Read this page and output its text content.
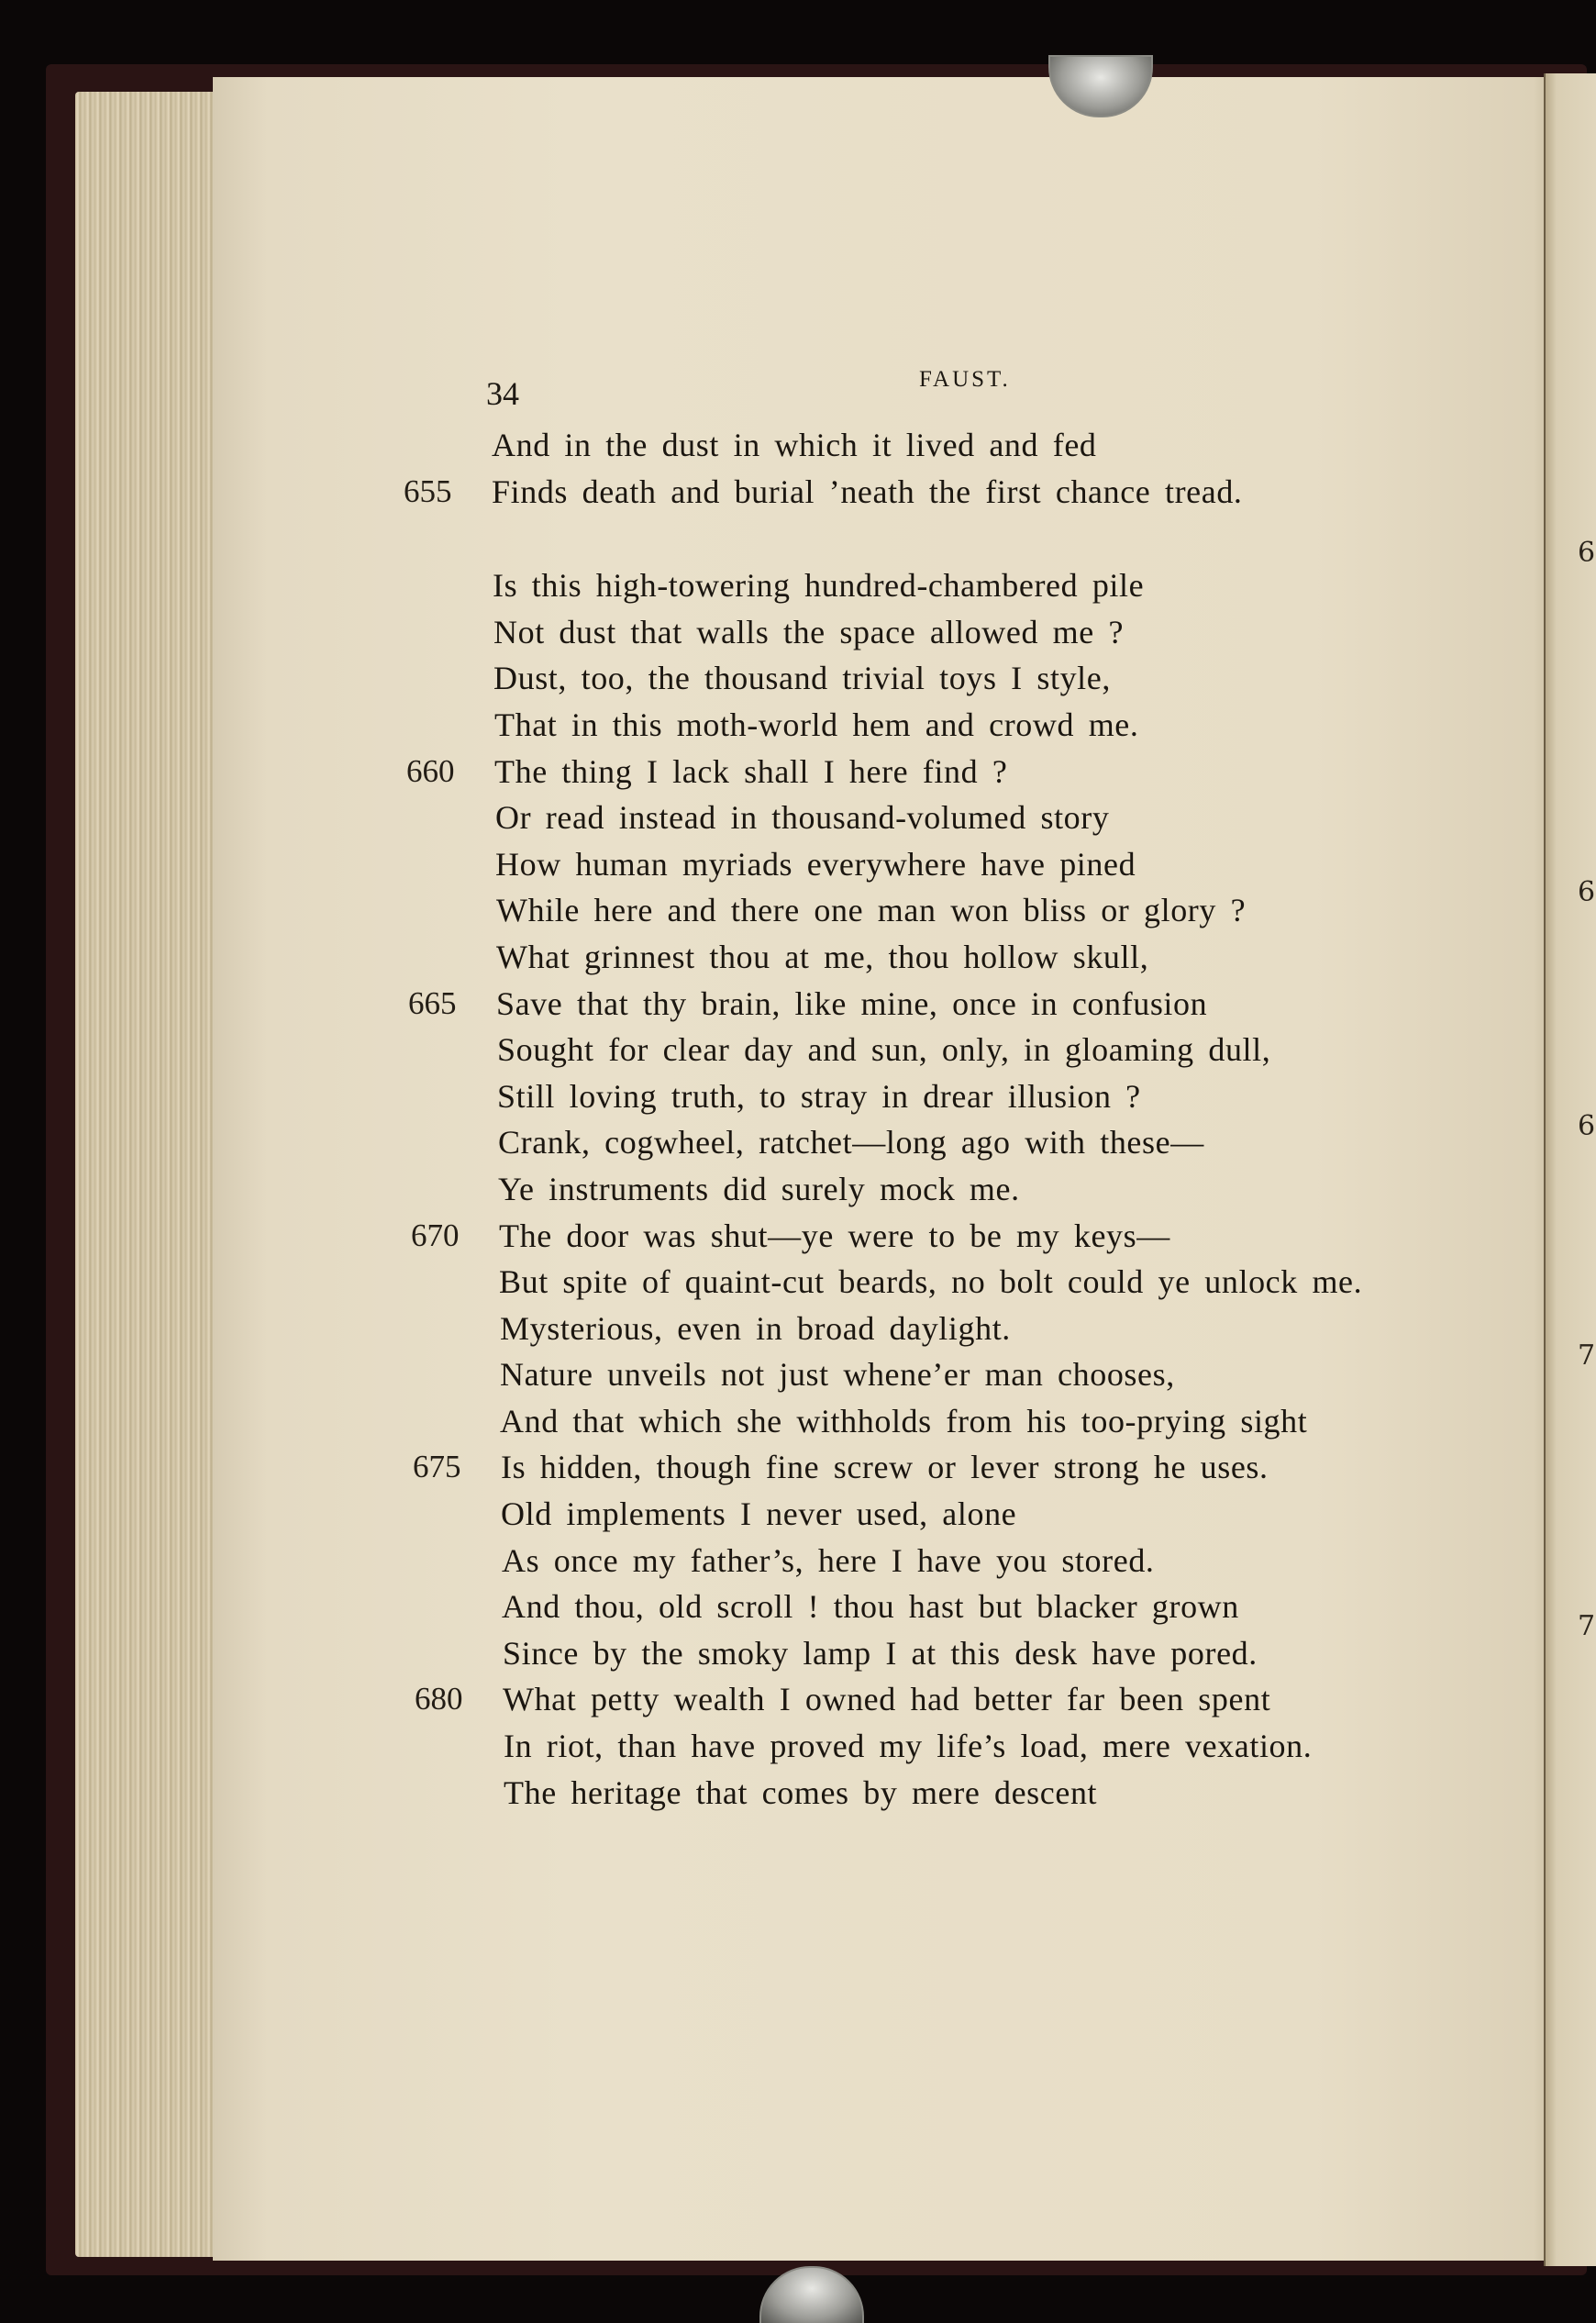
6
6
6
7
7
34	FAUST.
And in the dust in which it lived and fed
655	Finds death and burial ’neath the first chance tread.
Is this high-towering hundred-chambered pile
Not dust that walls the space allowed me ?
Dust, too, the thousand trivial toys I style,
That in this moth-world hem and crowd me.
660	The thing I lack shall I here find ?
Or read instead in thousand-volumed story
How human myriads everywhere have pined
While here and there one man won bliss or glory ?
What grinnest thou at me, thou hollow skull,
665	Save that thy brain, like mine, once in confusion
Sought for clear day and sun, only, in gloaming dull,
Still loving truth, to stray in drear illusion ?
Crank, cogwheel, ratchet—long ago with these—
Ye instruments did surely mock me.
670	The door was shut—ye were to be my keys—
But spite of quaint-cut beards, no bolt could ye unlock me.
Mysterious, even in broad daylight.
Nature unveils not just whene’er man chooses,
And that which she withholds from his too-prying sight
675	Is hidden, though fine screw or lever strong he uses.
Old implements I never used, alone
As once my father’s, here I have you stored.
And thou, old scroll ! thou hast but blacker grown
Since by the smoky lamp I at this desk have pored.
680	What petty wealth I owned had better far been spent
In riot, than have proved my life’s load, mere vexation.
The heritage that comes by mere descent
